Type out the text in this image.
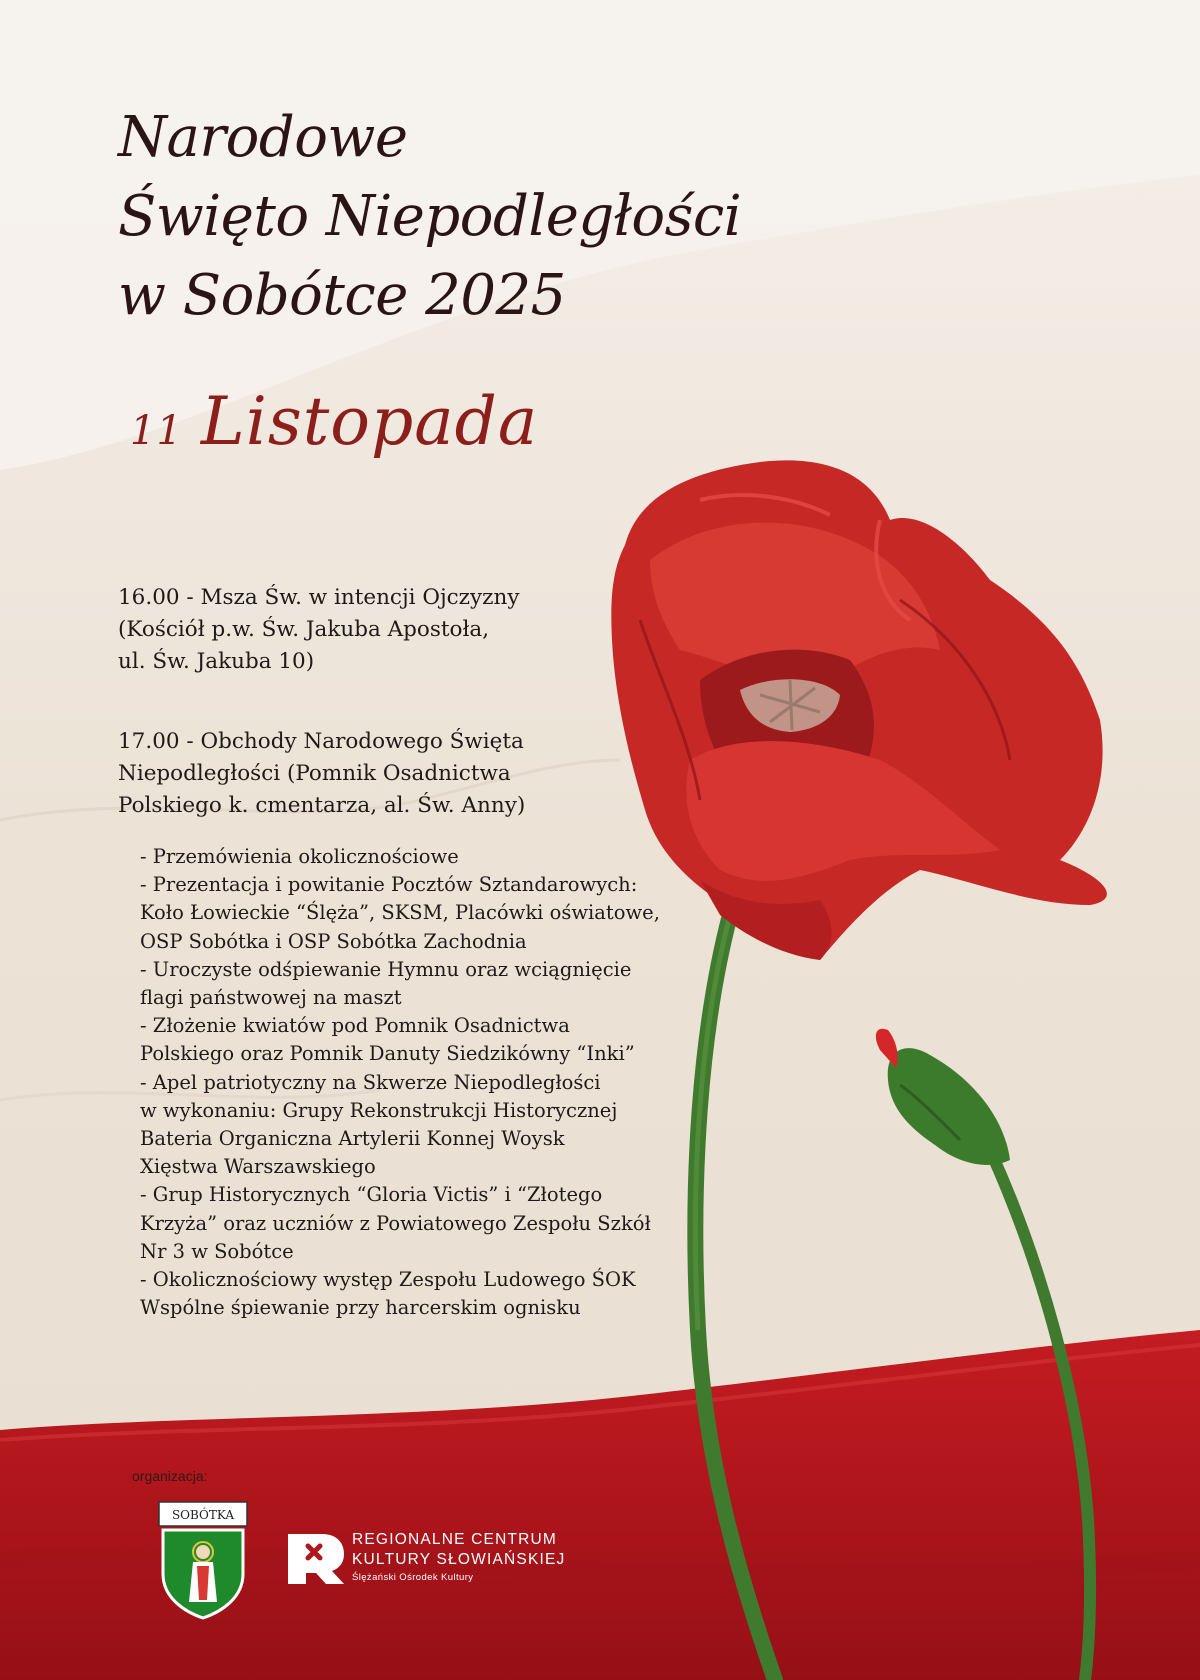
Narodowe
Święto Niepodległości
w Sobótce 2025
11 Listopada
16.00 - Msza Św. w intencji Ojczyzny
(Kościół p.w. Św. Jakuba Apostoła,
ul. Św. Jakuba 10)
17.00 - Obchody Narodowego Święta
Niepodległości (Pomnik Osadnictwa
Polskiego k. cmentarza, al. Św. Anny)
- Przemówienia okolicznościowe
- Prezentacja i powitanie Pocztów Sztandarowych:
Koło Łowieckie “Ślęża”, SKSM, Placówki oświatowe,
OSP Sobótka i OSP Sobótka Zachodnia
- Uroczyste odśpiewanie Hymnu oraz wciągnięcie
flagi państwowej na maszt
- Złożenie kwiatów pod Pomnik Osadnictwa
Polskiego oraz Pomnik Danuty Siedzikówny “Inki”
- Apel patriotyczny na Skwerze Niepodległości
w wykonaniu: Grupy Rekonstrukcji Historycznej
Bateria Organiczna Artylerii Konnej Woysk
Xięstwa Warszawskiego
- Grup Historycznych “Gloria Victis” i “Złotego
Krzyża” oraz uczniów z Powiatowego Zespołu Szkół
Nr 3 w Sobótce
- Okolicznościowy występ Zespołu Ludowego ŚOK
Wspólne śpiewanie przy harcerskim ognisku
organizacja:
SOBÓTKA
REGIONALNE CENTRUM
KULTURY SŁOWIAŃSKIEJ
Ślężański Ośrodek Kultury
